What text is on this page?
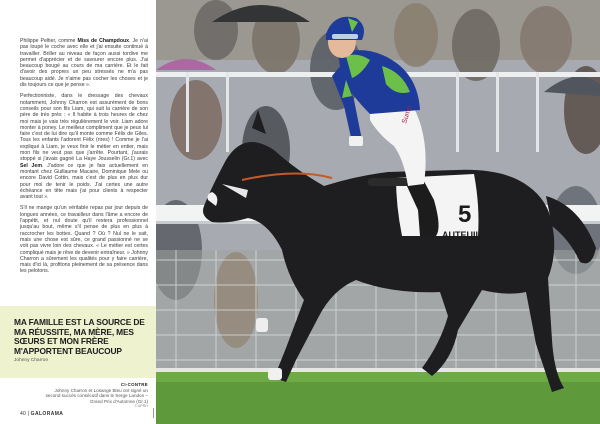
Philippe Peltier, comme Miss de Champdoux. Je n'ai pas loupé le coche avec elle et j'ai ensuite continué à travailler. Briller au niveau de façon aussi tordive me permet d'apprécier et de savourer encore plus. J'ai beaucoup bougé au cours de ma carrière. Et le fait d'avoir des propres un peu stressés ne m'a pas beaucoup aidé. Je n'aime pas cocher les choses et je dis toujours ce que je pense ».

Perfectionniste, dans le dressage des chevaux notamment, Johnny Charron est assurément de bons conseils pour son fils Liam, qui suit la carrière de son père de très près : « Il habite à trois heures de chez moi mais je vais très régulièrement le voir. Liam adore monter à poney. Le meilleur compliment que je peux lui faire c'est de lui dire qu'il monte comme Félix de Giles. Tous les enfants l'adorent Félix (rires) ! Comme je l'ai expliqué à Liam, je veux finir le métier en entier, mais mon fils ne veut pas que j'arrête. Pourtant, j'aurais stoppé si j'avais gagné La Haye Jousselin (Gr.1) avec Sel Jem. J'adore ce que je fais actuellement en montant chez Guillaume Macaire, Dominique Mele ou encore David Cottin, mais c'est de plus en plus dur pour moi de tenir le poids. J'ai certes une autre échéance en tête mais j'ai pour clients à respecter avant tout ».

S'il ne mange qu'un véritable repas par jour depuis de longues années, ce travailleur dans l'âme a encore de l'appétit, et nul doute qu'il restera professionnel jusqu'au bout, même s'il pense de plus en plus à raccrocher les bottes. Quand ? Où ? Nul ne le sait, mais une chose est sûre, ce grand passionné ne se voit pas vivre loin des chevaux. « Le métier est certes compliqué mais je rêve de devenir entraîneur. » Johnny Charron a sûrement les qualités pour y faire carrière, mais d'ici là, profitons pleinement de sa présence dans les pelotons.

MA FAMILLE EST LA SOURCE DE MA RÉUSSITE, MA MÈRE, MES SŒURS ET MON FRÈRE M'APPORTENT BEAUCOUP
Johnny Charron
CI-CONTRE
Johnny Charron et Losange Bleu ont signé un second succès consécutif dans le Serge Landon – Grand Prix d'Automne (Gr.1)
© APRH
40 | GALORAMA
5
AUTEUIL
Sumo
